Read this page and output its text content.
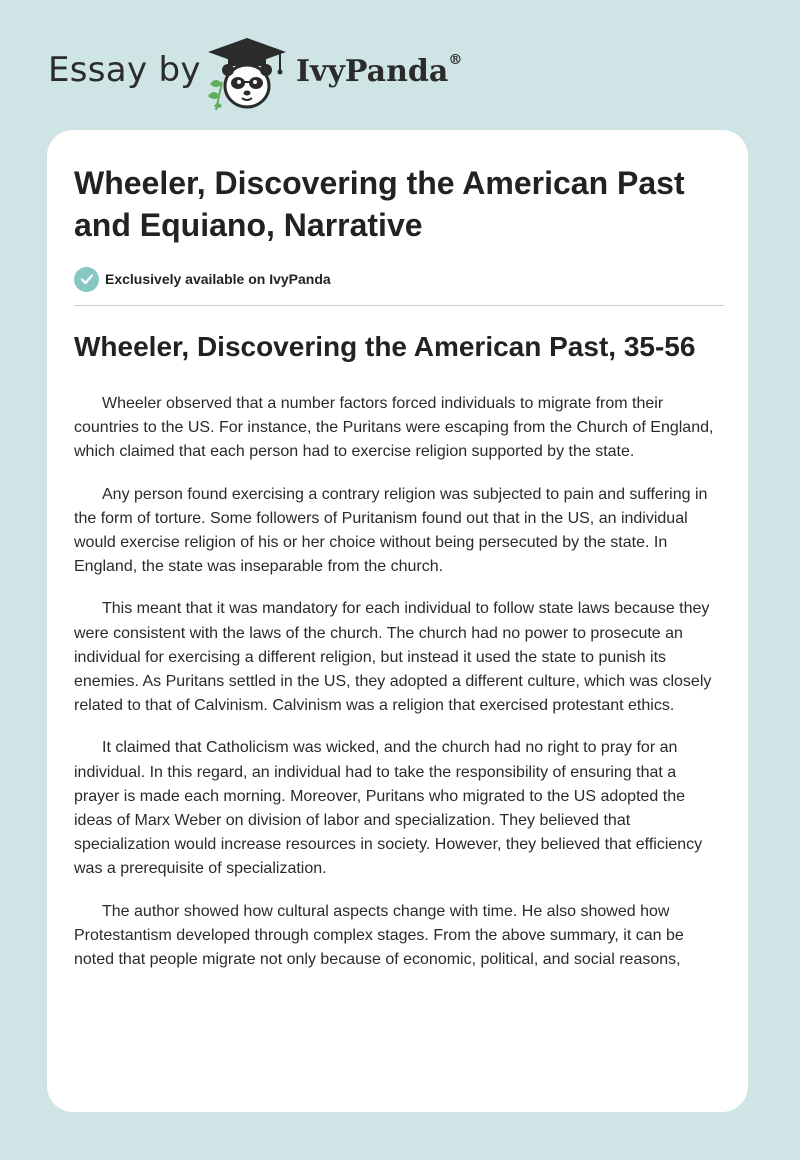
Essay by	IvyPanda®
Wheeler, Discovering the American Past and Equiano, Narrative
Exclusively available on IvyPanda
Wheeler, Discovering the American Past, 35-56

Wheeler observed that a number factors forced individuals to migrate from their countries to the US. For instance, the Puritans were escaping from the Church of England, which claimed that each person had to exercise religion supported by the state.

Any person found exercising a contrary religion was subjected to pain and suffering in the form of torture. Some followers of Puritanism found out that in the US, an individual would exercise religion of his or her choice without being persecuted by the state. In England, the state was inseparable from the church.

This meant that it was mandatory for each individual to follow state laws because they were consistent with the laws of the church. The church had no power to prosecute an individual for exercising a different religion, but instead it used the state to punish its enemies. As Puritans settled in the US, they adopted a different culture, which was closely related to that of Calvinism. Calvinism was a religion that exercised protestant ethics.

It claimed that Catholicism was wicked, and the church had no right to pray for an individual. In this regard, an individual had to take the responsibility of ensuring that a prayer is made each morning. Moreover, Puritans who migrated to the US adopted the ideas of Marx Weber on division of labor and specialization. They believed that specialization would increase resources in society. However, they believed that efficiency was a prerequisite of specialization.

The author showed how cultural aspects change with time. He also showed how Protestantism developed through complex stages. From the above summary, it can be noted that people migrate not only because of economic, political, and social reasons,
